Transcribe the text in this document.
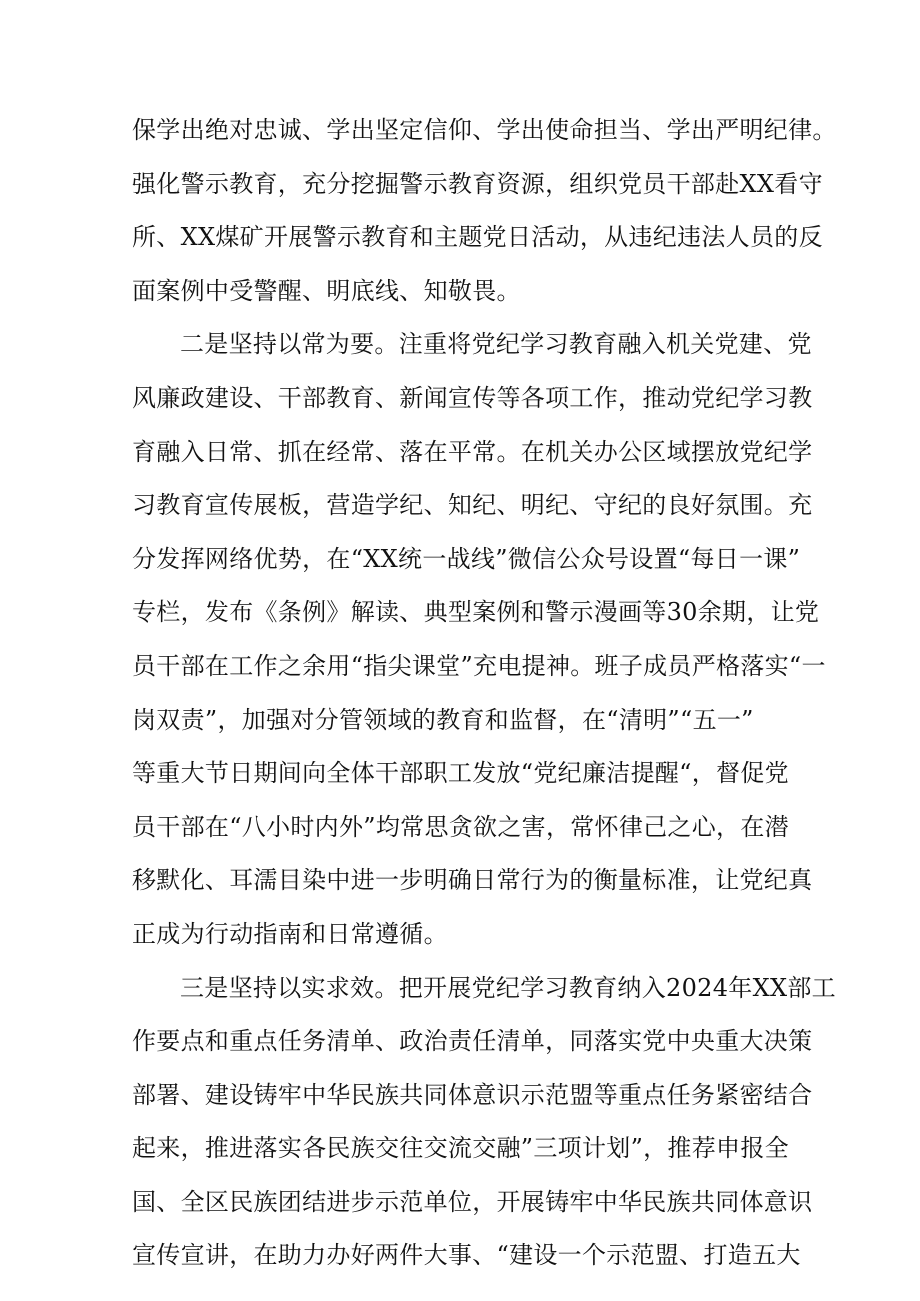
保学出绝对忠诚、学出坚定信仰、学出使命担当、学出严明纪律。
强化警示教育，充分挖掘警示教育资源，组织党员干部赴XX看守
所、XX煤矿开展警示教育和主题党日活动，从违纪违法人员的反
面案例中受警醒、明底线、知敬畏。
二是坚持以常为要。注重将党纪学习教育融入机关党建、党
风廉政建设、干部教育、新闻宣传等各项工作，推动党纪学习教
育融入日常、抓在经常、落在平常。在机关办公区域摆放党纪学
习教育宣传展板，营造学纪、知纪、明纪、守纪的良好氛围。充
分发挥网络优势，在“XX统一战线”微信公众号设置“每日一课”
专栏，发布《条例》解读、典型案例和警示漫画等30余期，让党
员干部在工作之余用“指尖课堂”充电提神。班子成员严格落实“一
岗双责”，加强对分管领域的教育和监督，在“清明”“五一”
等重大节日期间向全体干部职工发放“党纪廉洁提醒“，督促党
员干部在“八小时内外”均常思贪欲之害，常怀律己之心，在潜
移默化、耳濡目染中进一步明确日常行为的衡量标准，让党纪真
正成为行动指南和日常遵循。
三是坚持以实求效。把开展党纪学习教育纳入2024年XX部工
作要点和重点任务清单、政治责任清单，同落实党中央重大决策
部署、建设铸牢中华民族共同体意识示范盟等重点任务紧密结合
起来，推进落实各民族交往交流交融”三项计划”，推荐申报全
国、全区民族团结进步示范单位，开展铸牢中华民族共同体意识
宣传宣讲，在助力办好两件大事、“建设一个示范盟、打造五大
